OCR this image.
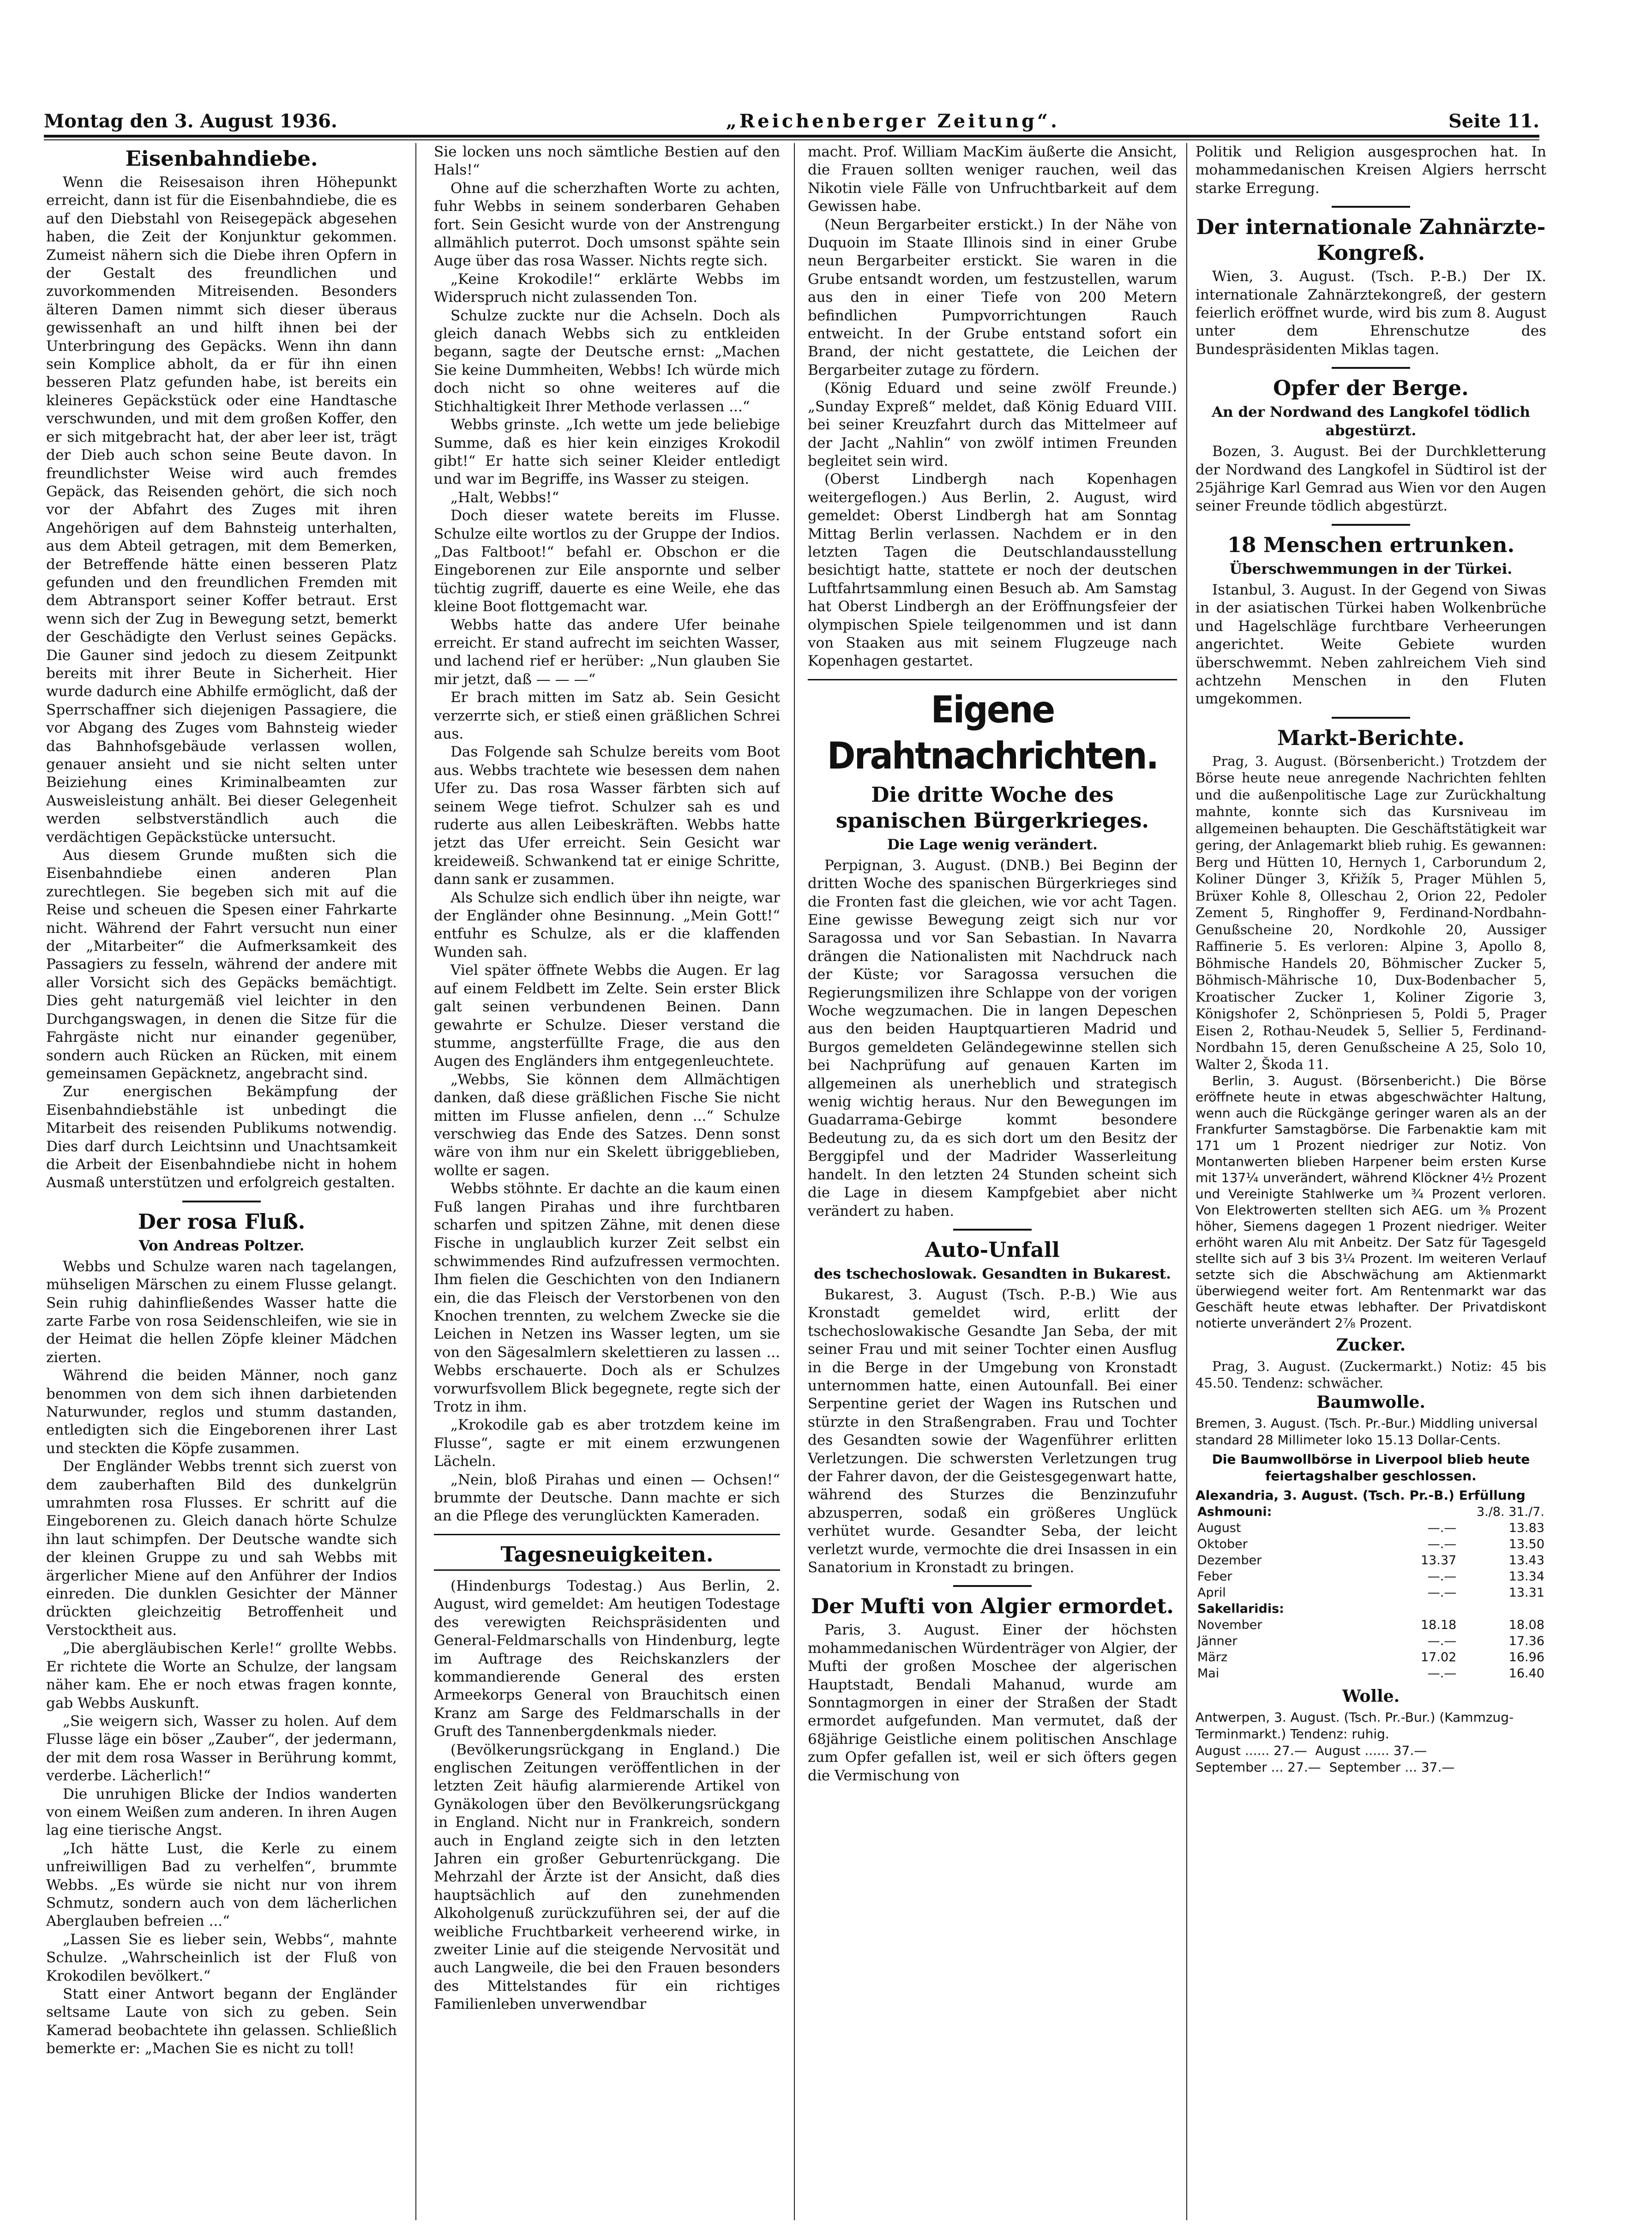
Montag den 3. August 1936.	„Reichenberger Zeitung“.	Seite 11.
Eisenbahndiebe.

Wenn die Reisesaison ihren Höhepunkt erreicht, dann ist für die Eisenbahndiebe, die es auf den Diebstahl von Reisegepäck abgesehen haben, die Zeit der Konjunktur gekommen. Zumeist nähern sich die Diebe ihren Opfern in der Gestalt des freundlichen und zuvorkommenden Mitreisenden. Besonders älteren Damen nimmt sich dieser überaus gewissenhaft an und hilft ihnen bei der Unterbringung des Gepäcks. Wenn ihn dann sein Komplice abholt, da er für ihn einen besseren Platz gefunden habe, ist bereits ein kleineres Gepäckstück oder eine Handtasche verschwunden, und mit dem großen Koffer, den er sich mitgebracht hat, der aber leer ist, trägt der Dieb auch schon seine Beute davon. In freundlichster Weise wird auch fremdes Gepäck, das Reisenden gehört, die sich noch vor der Abfahrt des Zuges mit ihren Angehörigen auf dem Bahnsteig unterhalten, aus dem Abteil getragen, mit dem Bemerken, der Betreffende hätte einen besseren Platz gefunden und den freundlichen Fremden mit dem Abtransport seiner Koffer betraut. Erst wenn sich der Zug in Bewegung setzt, bemerkt der Geschädigte den Verlust seines Gepäcks. Die Gauner sind jedoch zu diesem Zeitpunkt bereits mit ihrer Beute in Sicherheit. Hier wurde dadurch eine Abhilfe ermöglicht, daß der Sperrschaffner sich diejenigen Passagiere, die vor Abgang des Zuges vom Bahnsteig wieder das Bahnhofsgebäude verlassen wollen, genauer ansieht und sie nicht selten unter Beiziehung eines Kriminalbeamten zur Ausweisleistung anhält. Bei dieser Gelegenheit werden selbstverständlich auch die verdächtigen Gepäckstücke untersucht.

Aus diesem Grunde mußten sich die Eisenbahndiebe einen anderen Plan zurechtlegen. Sie begeben sich mit auf die Reise und scheuen die Spesen einer Fahrkarte nicht. Während der Fahrt versucht nun einer der „Mitarbeiter“ die Aufmerksamkeit des Passagiers zu fesseln, während der andere mit aller Vorsicht sich des Gepäcks bemächtigt. Dies geht naturgemäß viel leichter in den Durchgangswagen, in denen die Sitze für die Fahrgäste nicht nur einander gegenüber, sondern auch Rücken an Rücken, mit einem gemeinsamen Gepäcknetz, angebracht sind.

Zur energischen Bekämpfung der Eisenbahndiebstähle ist unbedingt die Mitarbeit des reisenden Publikums notwendig. Dies darf durch Leichtsinn und Unachtsamkeit die Arbeit der Eisenbahndiebe nicht in hohem Ausmaß unterstützen und erfolgreich gestalten.

Der rosa Fluß.
Von Andreas Poltzer.

Webbs und Schulze waren nach tagelangen, mühseligen Märschen zu einem Flusse gelangt. Sein ruhig dahinfließendes Wasser hatte die zarte Farbe von rosa Seidenschleifen, wie sie in der Heimat die hellen Zöpfe kleiner Mädchen zierten.

Während die beiden Männer, noch ganz benommen von dem sich ihnen darbietenden Naturwunder, reglos und stumm dastanden, entledigten sich die Eingeborenen ihrer Last und steckten die Köpfe zusammen.

Der Engländer Webbs trennt sich zuerst von dem zauberhaften Bild des dunkelgrün umrahmten rosa Flusses. Er schritt auf die Eingeborenen zu. Gleich danach hörte Schulze ihn laut schimpfen. Der Deutsche wandte sich der kleinen Gruppe zu und sah Webbs mit ärgerlicher Miene auf den Anführer der Indios einreden. Die dunklen Gesichter der Männer drückten gleichzeitig Betroffenheit und Verstocktheit aus.

„Die abergläubischen Kerle!“ grollte Webbs. Er richtete die Worte an Schulze, der langsam näher kam. Ehe er noch etwas fragen konnte, gab Webbs Auskunft.

„Sie weigern sich, Wasser zu holen. Auf dem Flusse läge ein böser „Zauber“, der jedermann, der mit dem rosa Wasser in Berührung kommt, verderbe. Lächerlich!“

Die unruhigen Blicke der Indios wanderten von einem Weißen zum anderen. In ihren Augen lag eine tierische Angst.

„Ich hätte Lust, die Kerle zu einem unfreiwilligen Bad zu verhelfen“, brummte Webbs. „Es würde sie nicht nur von ihrem Schmutz, sondern auch von dem lächerlichen Aberglauben befreien ...“

„Lassen Sie es lieber sein, Webbs“, mahnte Schulze. „Wahrscheinlich ist der Fluß von Krokodilen bevölkert.“

Statt einer Antwort begann der Engländer seltsame Laute von sich zu geben. Sein Kamerad beobachtete ihn gelassen. Schließlich bemerkte er: „Machen Sie es nicht zu toll!

Sie locken uns noch sämtliche Bestien auf den Hals!“

Ohne auf die scherzhaften Worte zu achten, fuhr Webbs in seinem sonderbaren Gehaben fort. Sein Gesicht wurde von der Anstrengung allmählich puterrot. Doch umsonst spähte sein Auge über das rosa Wasser. Nichts regte sich.

„Keine Krokodile!“ erklärte Webbs im Widerspruch nicht zulassenden Ton.

Schulze zuckte nur die Achseln. Doch als gleich danach Webbs sich zu entkleiden begann, sagte der Deutsche ernst: „Machen Sie keine Dummheiten, Webbs! Ich würde mich doch nicht so ohne weiteres auf die Stichhaltigkeit Ihrer Methode verlassen ...“

Webbs grinste. „Ich wette um jede beliebige Summe, daß es hier kein einziges Krokodil gibt!“ Er hatte sich seiner Kleider entledigt und war im Begriffe, ins Wasser zu steigen.

„Halt, Webbs!“

Doch dieser watete bereits im Flusse. Schulze eilte wortlos zu der Gruppe der Indios. „Das Faltboot!“ befahl er. Obschon er die Eingeborenen zur Eile anspornte und selber tüchtig zugriff, dauerte es eine Weile, ehe das kleine Boot flottgemacht war.

Webbs hatte das andere Ufer beinahe erreicht. Er stand aufrecht im seichten Wasser, und lachend rief er herüber: „Nun glauben Sie mir jetzt, daß — — —“

Er brach mitten im Satz ab. Sein Gesicht verzerrte sich, er stieß einen gräßlichen Schrei aus.

Das Folgende sah Schulze bereits vom Boot aus. Webbs trachtete wie besessen dem nahen Ufer zu. Das rosa Wasser färbten sich auf seinem Wege tiefrot. Schulzer sah es und ruderte aus allen Leibeskräften. Webbs hatte jetzt das Ufer erreicht. Sein Gesicht war kreideweiß. Schwankend tat er einige Schritte, dann sank er zusammen.

Als Schulze sich endlich über ihn neigte, war der Engländer ohne Besinnung. „Mein Gott!“ entfuhr es Schulze, als er die klaffenden Wunden sah.

Viel später öffnete Webbs die Augen. Er lag auf einem Feldbett im Zelte. Sein erster Blick galt seinen verbundenen Beinen. Dann gewahrte er Schulze. Dieser verstand die stumme, angsterfüllte Frage, die aus den Augen des Engländers ihm entgegenleuchtete.

„Webbs, Sie können dem Allmächtigen danken, daß diese gräßlichen Fische Sie nicht mitten im Flusse anfielen, denn ...“ Schulze verschwieg das Ende des Satzes. Denn sonst wäre von ihm nur ein Skelett übriggeblieben, wollte er sagen.

Webbs stöhnte. Er dachte an die kaum einen Fuß langen Pirahas und ihre furchtbaren scharfen und spitzen Zähne, mit denen diese Fische in unglaublich kurzer Zeit selbst ein schwimmendes Rind aufzufressen vermochten. Ihm fielen die Geschichten von den Indianern ein, die das Fleisch der Verstorbenen von den Knochen trennten, zu welchem Zwecke sie die Leichen in Netzen ins Wasser legten, um sie von den Sägesalmlern skelettieren zu lassen ... Webbs erschauerte. Doch als er Schulzes vorwurfsvollem Blick begegnete, regte sich der Trotz in ihm.

„Krokodile gab es aber trotzdem keine im Flusse“, sagte er mit einem erzwungenen Lächeln.

„Nein, bloß Pirahas und einen — Ochsen!“ brummte der Deutsche. Dann machte er sich an die Pflege des verunglückten Kameraden.

Tagesneuigkeiten.

(Hindenburgs Todestag.) Aus Berlin, 2. August, wird gemeldet: Am heutigen Todestage des verewigten Reichspräsidenten und General-Feldmarschalls von Hindenburg, legte im Auftrage des Reichskanzlers der kommandierende General des ersten Armeekorps General von Brauchitsch einen Kranz am Sarge des Feldmarschalls in der Gruft des Tannenbergdenkmals nieder.

(Bevölkerungsrückgang in England.) Die englischen Zeitungen veröffentlichen in der letzten Zeit häufig alarmierende Artikel von Gynäkologen über den Bevölkerungsrückgang in England. Nicht nur in Frankreich, sondern auch in England zeigte sich in den letzten Jahren ein großer Geburtenrückgang. Die Mehrzahl der Ärzte ist der Ansicht, daß dies hauptsächlich auf den zunehmenden Alkoholgenuß zurückzuführen sei, der auf die weibliche Fruchtbarkeit verheerend wirke, in zweiter Linie auf die steigende Nervosität und auch Langweile, die bei den Frauen besonders des Mittelstandes für ein richtiges Familienleben unverwendbar

macht. Prof. William MacKim äußerte die Ansicht, die Frauen sollten weniger rauchen, weil das Nikotin viele Fälle von Unfruchtbarkeit auf dem Gewissen habe.

(Neun Bergarbeiter erstickt.) In der Nähe von Duquoin im Staate Illinois sind in einer Grube neun Bergarbeiter erstickt. Sie waren in die Grube entsandt worden, um festzustellen, warum aus den in einer Tiefe von 200 Metern befindlichen Pumpvorrichtungen Rauch entweicht. In der Grube entstand sofort ein Brand, der nicht gestattete, die Leichen der Bergarbeiter zutage zu fördern.

(König Eduard und seine zwölf Freunde.) „Sunday Expreß“ meldet, daß König Eduard VIII. bei seiner Kreuzfahrt durch das Mittelmeer auf der Jacht „Nahlin“ von zwölf intimen Freunden begleitet sein wird.

(Oberst Lindbergh nach Kopenhagen weitergeflogen.) Aus Berlin, 2. August, wird gemeldet: Oberst Lindbergh hat am Sonntag Mittag Berlin verlassen. Nachdem er in den letzten Tagen die Deutschlandausstellung besichtigt hatte, stattete er noch der deutschen Luftfahrtsammlung einen Besuch ab. Am Samstag hat Oberst Lindbergh an der Eröffnungsfeier der olympischen Spiele teilgenommen und ist dann von Staaken aus mit seinem Flugzeuge nach Kopenhagen gestartet.

Eigene Drahtnachrichten.
Die dritte Woche des spanischen Bürgerkrieges.
Die Lage wenig verändert.

Perpignan, 3. August. (DNB.) Bei Beginn der dritten Woche des spanischen Bürgerkrieges sind die Fronten fast die gleichen, wie vor acht Tagen. Eine gewisse Bewegung zeigt sich nur vor Saragossa und vor San Sebastian. In Navarra drängen die Nationalisten mit Nachdruck nach der Küste; vor Saragossa versuchen die Regierungsmilizen ihre Schlappe von der vorigen Woche wegzumachen. Die in langen Depeschen aus den beiden Hauptquartieren Madrid und Burgos gemeldeten Geländegewinne stellen sich bei Nachprüfung auf genauen Karten im allgemeinen als unerheblich und strategisch wenig wichtig heraus. Nur den Bewegungen im Guadarrama-Gebirge kommt besondere Bedeutung zu, da es sich dort um den Besitz der Berggipfel und der Madrider Wasserleitung handelt. In den letzten 24 Stunden scheint sich die Lage in diesem Kampfgebiet aber nicht verändert zu haben.

Auto-Unfall
des tschechoslowak. Gesandten in Bukarest.

Bukarest, 3. August (Tsch. P.-B.) Wie aus Kronstadt gemeldet wird, erlitt der tschechoslowakische Gesandte Jan Seba, der mit seiner Frau und mit seiner Tochter einen Ausflug in die Berge in der Umgebung von Kronstadt unternommen hatte, einen Autounfall. Bei einer Serpentine geriet der Wagen ins Rutschen und stürzte in den Straßengraben. Frau und Tochter des Gesandten sowie der Wagenführer erlitten Verletzungen. Die schwersten Verletzungen trug der Fahrer davon, der die Geistesgegenwart hatte, während des Sturzes die Benzinzufuhr abzusperren, sodaß ein größeres Unglück verhütet wurde. Gesandter Seba, der leicht verletzt wurde, vermochte die drei Insassen in ein Sanatorium in Kronstadt zu bringen.

Der Mufti von Algier ermordet.

Paris, 3. August. Einer der höchsten mohammedanischen Würdenträger von Algier, der Mufti der großen Moschee der algerischen Hauptstadt, Bendali Mahanud, wurde am Sonntagmorgen in einer der Straßen der Stadt ermordet aufgefunden. Man vermutet, daß der 68jährige Geistliche einem politischen Anschlage zum Opfer gefallen ist, weil er sich öfters gegen die Vermischung von

Politik und Religion ausgesprochen hat. In mohammedanischen Kreisen Algiers herrscht starke Erregung.

Der internationale Zahnärzte-Kongreß.

Wien, 3. August. (Tsch. P.-B.) Der IX. internationale Zahnärztekongreß, der gestern feierlich eröffnet wurde, wird bis zum 8. August unter dem Ehrenschutze des Bundespräsidenten Miklas tagen.

Opfer der Berge.
An der Nordwand des Langkofel tödlich abgestürzt.

Bozen, 3. August. Bei der Durchkletterung der Nordwand des Langkofel in Südtirol ist der 25jährige Karl Gemrad aus Wien vor den Augen seiner Freunde tödlich abgestürzt.

18 Menschen ertrunken.
Überschwemmungen in der Türkei.

Istanbul, 3. August. In der Gegend von Siwas in der asiatischen Türkei haben Wolkenbrüche und Hagelschläge furchtbare Verheerungen angerichtet. Weite Gebiete wurden überschwemmt. Neben zahlreichem Vieh sind achtzehn Menschen in den Fluten umgekommen.

Markt-Berichte.

Prag, 3. August. (Börsenbericht.) Trotzdem der Börse heute neue anregende Nachrichten fehlten und die außenpolitische Lage zur Zurückhaltung mahnte, konnte sich das Kursniveau im allgemeinen behaupten. Die Geschäftstätigkeit war gering, der Anlagemarkt blieb ruhig. Es gewannen: Berg und Hütten 10, Hernych 1, Carborundum 2, Koliner Dünger 3, Křižík 5, Prager Mühlen 5, Brüxer Kohle 8, Olleschau 2, Orion 22, Pedoler Zement 5, Ringhoffer 9, Ferdinand-Nordbahn-Genußscheine 20, Nordkohle 20, Aussiger Raffinerie 5. Es verloren: Alpine 3, Apollo 8, Böhmische Handels 20, Böhmischer Zucker 5, Böhmisch-Mährische 10, Dux-Bodenbacher 5, Kroatischer Zucker 1, Koliner Zigorie 3, Königshofer 2, Schönpriesen 5, Poldi 5, Prager Eisen 2, Rothau-Neudek 5, Sellier 5, Ferdinand-Nordbahn 15, deren Genußscheine A 25, Solo 10, Walter 2, Škoda 11.

Berlin, 3. August. (Börsenbericht.) Die Börse eröffnete heute in etwas abgeschwächter Haltung, wenn auch die Rückgänge geringer waren als an der Frankfurter Samstagbörse. Die Farbenaktie kam mit 171 um 1 Prozent niedriger zur Notiz. Von Montanwerten blieben Harpener beim ersten Kurse mit 137¼ unverändert, während Klöckner 4½ Prozent und Vereinigte Stahlwerke um ¾ Prozent verloren. Von Elektrowerten stellten sich AEG. um ⅜ Prozent höher, Siemens dagegen 1 Prozent niedriger. Weiter erhöht waren Alu mit Anbeitz. Der Satz für Tagesgeld stellte sich auf 3 bis 3¼ Prozent. Im weiteren Verlauf setzte sich die Abschwächung am Aktienmarkt überwiegend weiter fort. Am Rentenmarkt war das Geschäft heute etwas lebhafter. Der Privatdiskont notierte unverändert 2⅞ Prozent.

Zucker.

Prag, 3. August. (Zuckermarkt.) Notiz: 45 bis 45.50. Tendenz: schwächer.

Baumwolle.

Bremen, 3. August. (Tsch. Pr.-Bur.) Middling universal standard 28 Millimeter loko 15.13 Dollar-Cents.

Die Baumwollbörse in Liverpool blieb heute feiertagshalber geschlossen.

Alexandria, 3. August. (Tsch. Pr.-B.) Erfüllung

Ashmouni:	3./8. 31./7.	
August	—.—	13.83
Oktober	—.—	13.50
Dezember	13.37	13.43
Feber	—.—	13.34
April	—.—	13.31
Sakellaridis:		
November	18.18	18.08
Jänner	—.—	17.36
März	17.02	16.96
Mai	—.—	16.40
Wolle.

Antwerpen, 3. August. (Tsch. Pr.-Bur.) (Kammzug-Terminmarkt.) Tendenz: ruhig.

August ...... 27.—  August ...... 37.—

September ... 27.—  September ... 37.—
